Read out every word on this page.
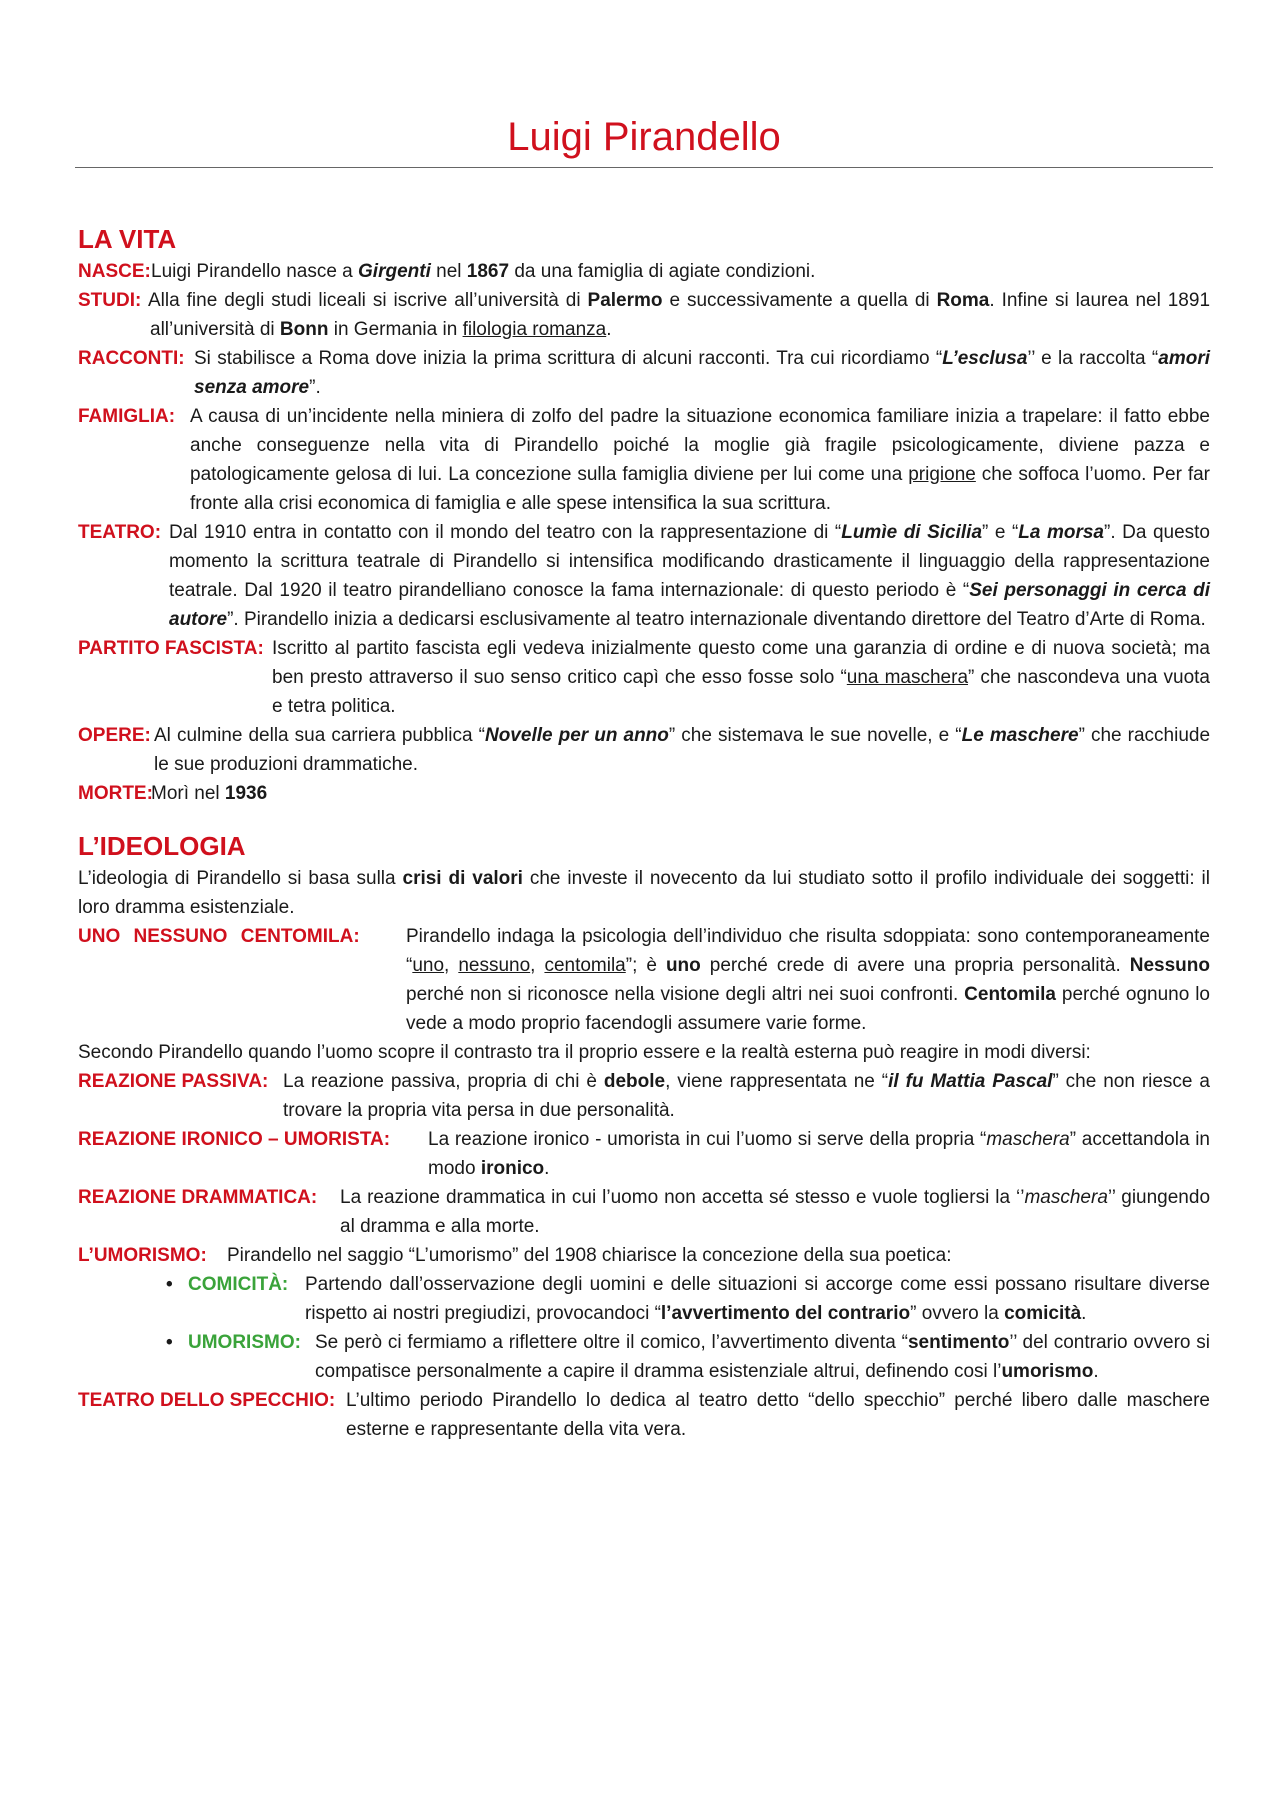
Luigi Pirandello
LA VITA
NASCE: Luigi Pirandello nasce a Girgenti nel 1867 da una famiglia di agiate condizioni.
STUDI: Alla fine degli studi liceali si iscrive all’università di Palermo e successivamente a quella di Roma. Infine si laurea nel 1891 all’università di Bonn in Germania in filologia romanza.
RACCONTI: Si stabilisce a Roma dove inizia la prima scrittura di alcuni racconti. Tra cui ricordiamo “L’esclusa’’ e la raccolta “amori senza amore”.
FAMIGLIA: A causa di un’incidente nella miniera di zolfo del padre la situazione economica familiare inizia a trapelare: il fatto ebbe anche conseguenze nella vita di Pirandello poiché la moglie già fragile psicologicamente, diviene pazza e patologicamente gelosa di lui. La concezione sulla famiglia diviene per lui come una prigione che soffoca l’uomo. Per far fronte alla crisi economica di famiglia e alle spese intensifica la sua scrittura.
TEATRO: Dal 1910 entra in contatto con il mondo del teatro con la rappresentazione di “Lumìe di Sicilia” e “La morsa”. Da questo momento la scrittura teatrale di Pirandello si intensifica modificando drasticamente il linguaggio della rappresentazione teatrale. Dal 1920 il teatro pirandelliano conosce la fama internazionale: di questo periodo è “Sei personaggi in cerca di autore”. Pirandello inizia a dedicarsi esclusivamente al teatro internazionale diventando direttore del Teatro d’Arte di Roma.
PARTITO FASCISTA: Iscritto al partito fascista egli vedeva inizialmente questo come una garanzia di ordine e di nuova società; ma ben presto attraverso il suo senso critico capì che esso fosse solo “una maschera” che nascondeva una vuota e tetra politica.
OPERE: Al culmine della sua carriera pubblica “Novelle per un anno” che sistemava le sue novelle, e “Le maschere” che racchiude le sue produzioni drammatiche.
MORTE:
Morì nel 1936
L’IDEOLOGIA
L’ideologia di Pirandello si basa sulla crisi di valori che investe il novecento da lui studiato sotto il profilo individuale dei soggetti: il loro dramma esistenziale.
UNO NESSUNO CENTOMILA:	Pirandello indaga la psicologia dell’individuo che risulta sdoppiata: sono contemporaneamente “uno, nessuno, centomila”; è uno perché crede di avere una propria personalità. Nessuno perché non si riconosce nella visione degli altri nei suoi confronti. Centomila perché ognuno lo vede a modo proprio facendogli assumere varie forme.
Secondo Pirandello quando l’uomo scopre il contrasto tra il proprio essere e la realtà esterna può reagire in modi diversi:
REAZIONE PASSIVA: La reazione passiva, propria di chi è debole, viene rappresentata ne “il fu Mattia Pascal” che non riesce a trovare la propria vita persa in due personalità.
REAZIONE IRONICO – UMORISTA:	La reazione ironico - umorista in cui l’uomo si serve della propria “maschera” accettandola in modo ironico.
REAZIONE DRAMMATICA:	La reazione drammatica in cui l’uomo non accetta sé stesso e vuole togliersi la ‘’maschera’’ giungendo al dramma e alla morte.
L’UMORISMO:	Pirandello nel saggio “L’umorismo” del 1908 chiarisce la concezione della sua poetica:
• COMICITÀ: Partendo dall’osservazione degli uomini e delle situazioni si accorge come essi possano risultare diverse rispetto ai nostri pregiudizi, provocandoci “l’avvertimento del contrario” ovvero la comicità.
• UMORISMO: Se però ci fermiamo a riflettere oltre il comico, l’avvertimento diventa “sentimento’’ del contrario ovvero si compatisce personalmente a capire il dramma esistenziale altrui, definendo cosi l’umorismo.
TEATRO DELLO SPECCHIO: L’ultimo periodo Pirandello lo dedica al teatro detto “dello specchio” perché libero dalle maschere esterne e rappresentante della vita vera.
